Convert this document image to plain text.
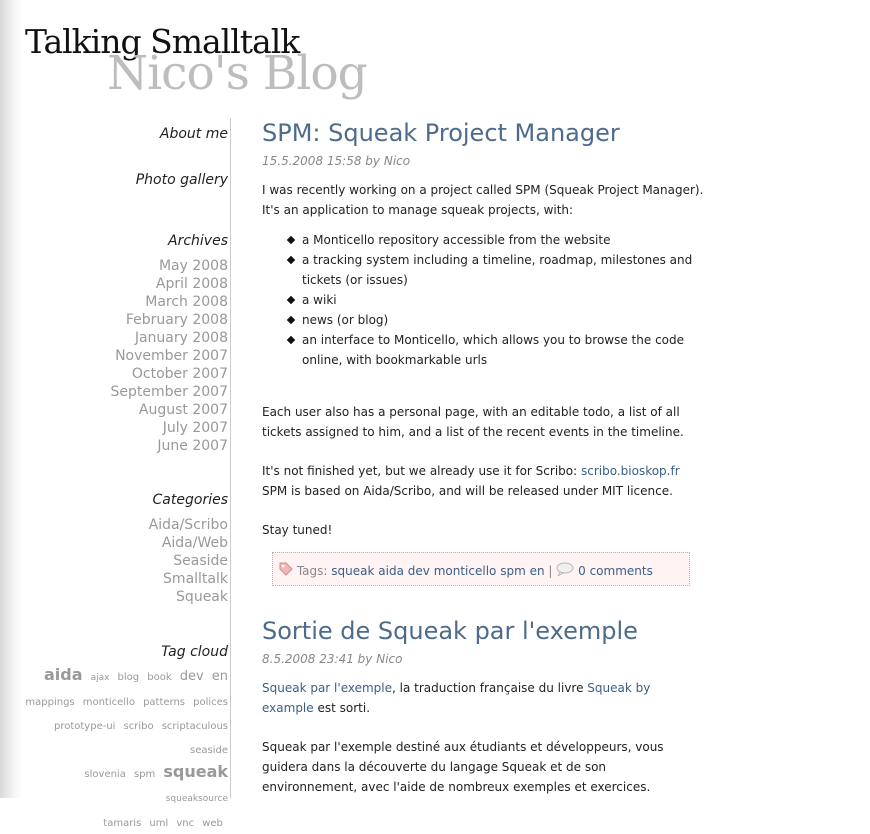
Talking Smalltalk
Nico's Blog
About me
Photo gallery
Archives
May 2008
April 2008
March 2008
February 2008
January 2008
November 2007
October 2007
September 2007
August 2007
July 2007
June 2007
Categories
Aida/Scribo
Aida/Web
Seaside
Smalltalk
Squeak
Tag cloud
aida ajax blog book dev en
mappings monticello patterns polices
prototype-ui scribo scriptaculous seaside
slovenia spm squeak squeaksource
tamaris uml vnc web
SPM: Squeak Project Manager
15.5.2008 15:58 by Nico

I was recently working on a project called SPM (Squeak Project Manager).

It's an application to manage squeak projects, with:

a Monticello repository accessible from the website
a tracking system including a timeline, roadmap, milestones and tickets (or issues)
a wiki
news (or blog)
an interface to Monticello, which allows you to browse the code online, with bookmarkable urls

Each user also has a personal page, with an editable todo, a list of all tickets assigned to him, and a list of the recent events in the timeline.

It's not finished yet, but we already use it for Scribo: scribo.bioskop.fr

SPM is based on Aida/Scribo, and will be released under MIT licence.

Stay tuned!

Tags: squeak aida dev monticello spm en | 0 comments
Sortie de Squeak par l'exemple
8.5.2008 23:41 by Nico

Squeak par l'exemple, la traduction française du livre Squeak by example est sorti.

Squeak par l'exemple destiné aux étudiants et développeurs, vous guidera dans la découverte du langage Squeak et de son environnement, avec l'aide de nombreux exemples et exercices.
